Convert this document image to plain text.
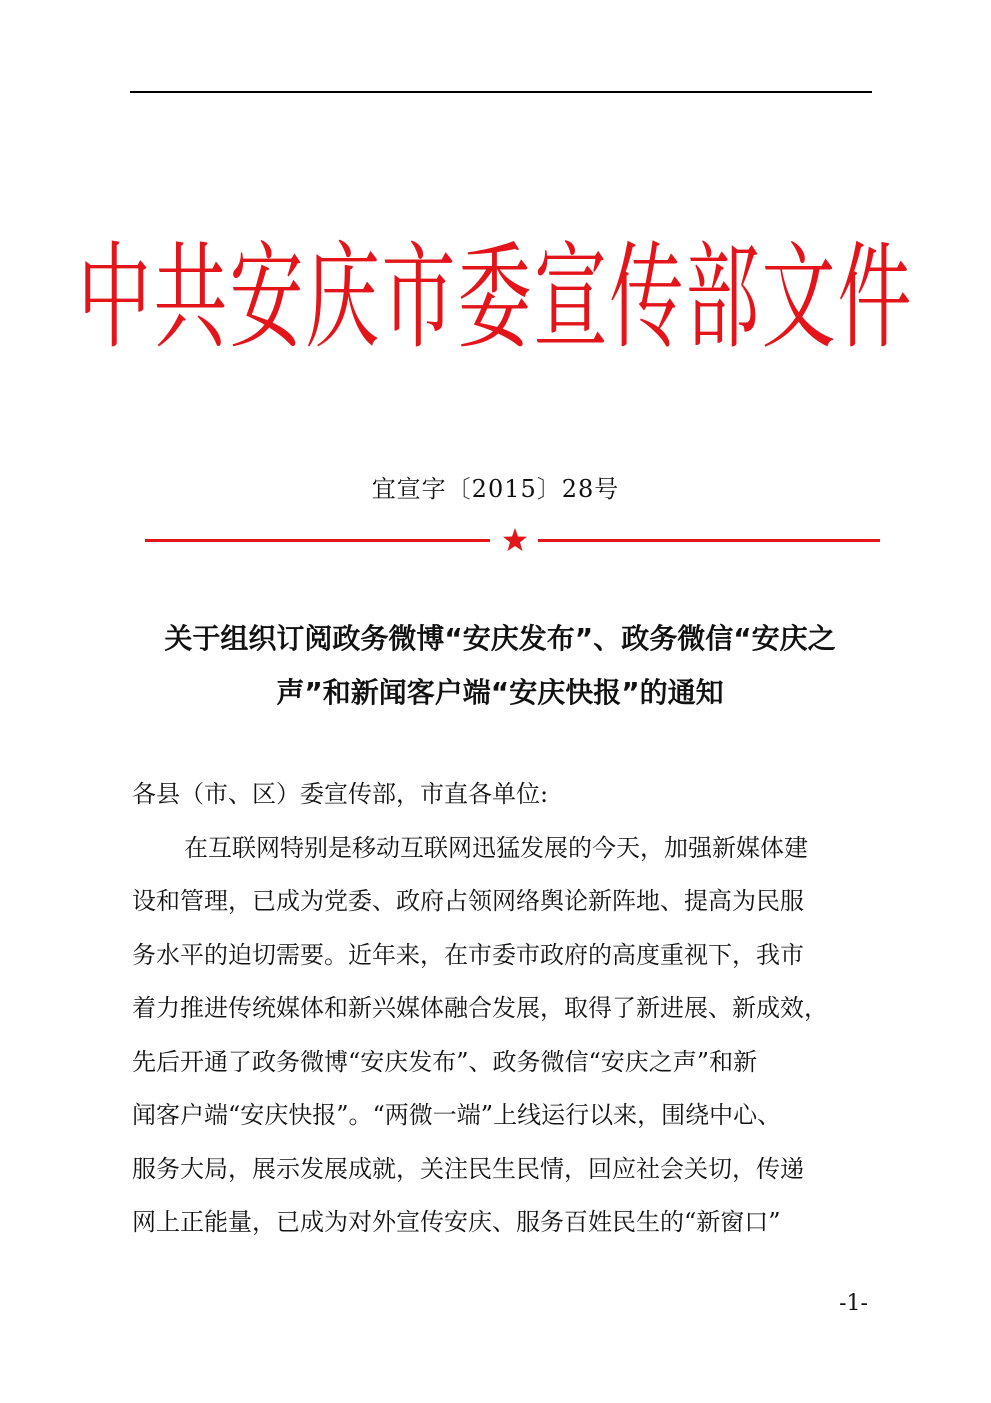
中共安庆市委宣传部文件
宜宣字〔2015〕28号
关于组织订阅政务微博“安庆发布”、政务微信“安庆之
声”和新闻客户端“安庆快报”的通知
各县（市、区）委宣传部，市直各单位:
在互联网特别是移动互联网迅猛发展的今天，加强新媒体建
设和管理，已成为党委、政府占领网络舆论新阵地、提高为民服
务水平的迫切需要。近年来，在市委市政府的高度重视下，我市
着力推进传统媒体和新兴媒体融合发展，取得了新进展、新成效，
先后开通了政务微博“安庆发布”、政务微信“安庆之声”和新
闻客户端“安庆快报”。“两微一端”上线运行以来，围绕中心、
服务大局，展示发展成就，关注民生民情，回应社会关切，传递
网上正能量，已成为对外宣传安庆、服务百姓民生的“新窗口”
-1-
